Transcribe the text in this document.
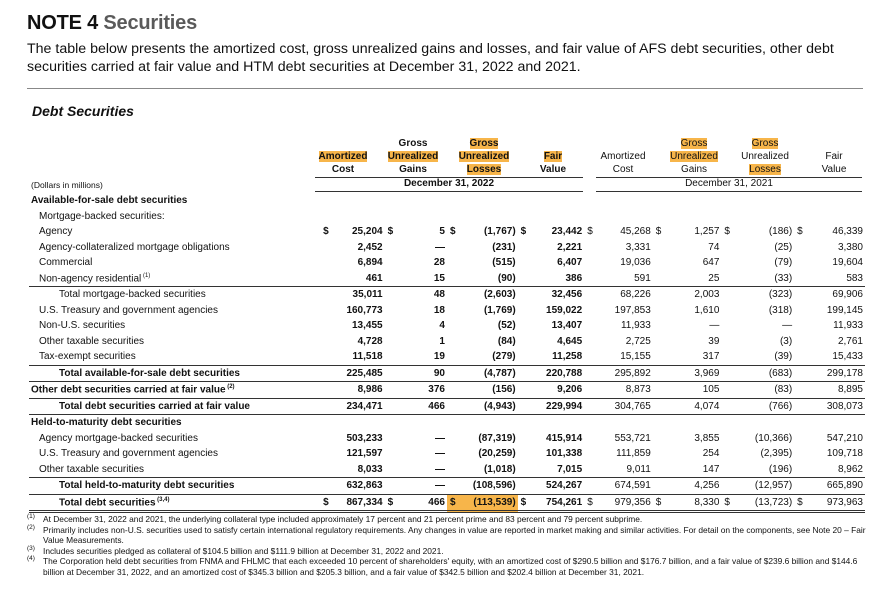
NOTE 4 Securities
The table below presents the amortized cost, gross unrealized gains and losses, and fair value of AFS debt securities, other debt securities carried at fair value and HTM debt securities at December 31, 2022 and 2021.
Debt Securities

Amortized
Cost
Gross
Unrealized
Gains
Gross
Unrealized
Losses

Fair
Value

Amortized
Cost
Gross
Unrealized
Gains
Gross
Unrealized
Losses

Fair
Value
December 31, 2022	December 31, 2021
(Dollars in millions)
Available-for-sale debt securities																
Mortgage-backed securities:																
Agency	$	25,204	$	5	$	(1,767)	$	23,442	$	45,268	$	1,257	$	(186)	$	46,339
Agency-collateralized mortgage obligations		2,452		—		(231)		2,221		3,331		74		(25)		3,380
Commercial		6,894		28		(515)		6,407		19,036		647		(79)		19,604
Non-agency residential $^{(1)}$		461		15		(90)		386		591		25		(33)		583
Total mortgage-backed securities		35,011		48		(2,603)		32,456		68,226		2,003		(323)		69,906
U.S. Treasury and government agencies		160,773		18		(1,769)		159,022		197,853		1,610		(318)		199,145
Non-U.S. securities		13,455		4		(52)		13,407		11,933		—		—		11,933
Other taxable securities		4,728		1		(84)		4,645		2,725		39		(3)		2,761
Tax-exempt securities		11,518		19		(279)		11,258		15,155		317		(39)		15,433
Total available-for-sale debt securities		225,485		90		(4,787)		220,788		295,892		3,969		(683)		299,178
Other debt securities carried at fair value $^{(2)}$		8,986		376		(156)		9,206		8,873		105		(83)		8,895
Total debt securities carried at fair value		234,471		466		(4,943)		229,994		304,765		4,074		(766)		308,073
Held-to-maturity debt securities																
Agency mortgage-backed securities		503,233		—		(87,319)		415,914		553,721		3,855		(10,366)		547,210
U.S. Treasury and government agencies		121,597		—		(20,259)		101,338		111,859		254		(2,395)		109,718
Other taxable securities		8,033		—		(1,018)		7,015		9,011		147		(196)		8,962
Total held-to-maturity debt securities		632,863		—		(108,596)		524,267		674,591		4,256		(12,957)		665,890
Total debt securities $^{(3,4)}$	$	867,334	$	466	$	(113,539)	$	754,261	$	979,356	$	8,330	$	(13,723)	$	973,963
(1) At December 31, 2022 and 2021, the underlying collateral type included approximately 17 percent and 21 percent prime and 83 percent and 79 percent subprime.
(2) Primarily includes non-U.S. securities used to satisfy certain international regulatory requirements. Any changes in value are reported in market making and similar activities. For detail on the components, see Note 20 – Fair Value Measurements.
(3) Includes securities pledged as collateral of $104.5 billion and $111.9 billion at December 31, 2022 and 2021.
(4) The Corporation held debt securities from FNMA and FHLMC that each exceeded 10 percent of shareholders' equity, with an amortized cost of $290.5 billion and $176.7 billion, and a fair value of $239.6 billion and $144.6 billion at December 31, 2022, and an amortized cost of $345.3 billion and $205.3 billion, and a fair value of $342.5 billion and $202.4 billion at December 31, 2021.
